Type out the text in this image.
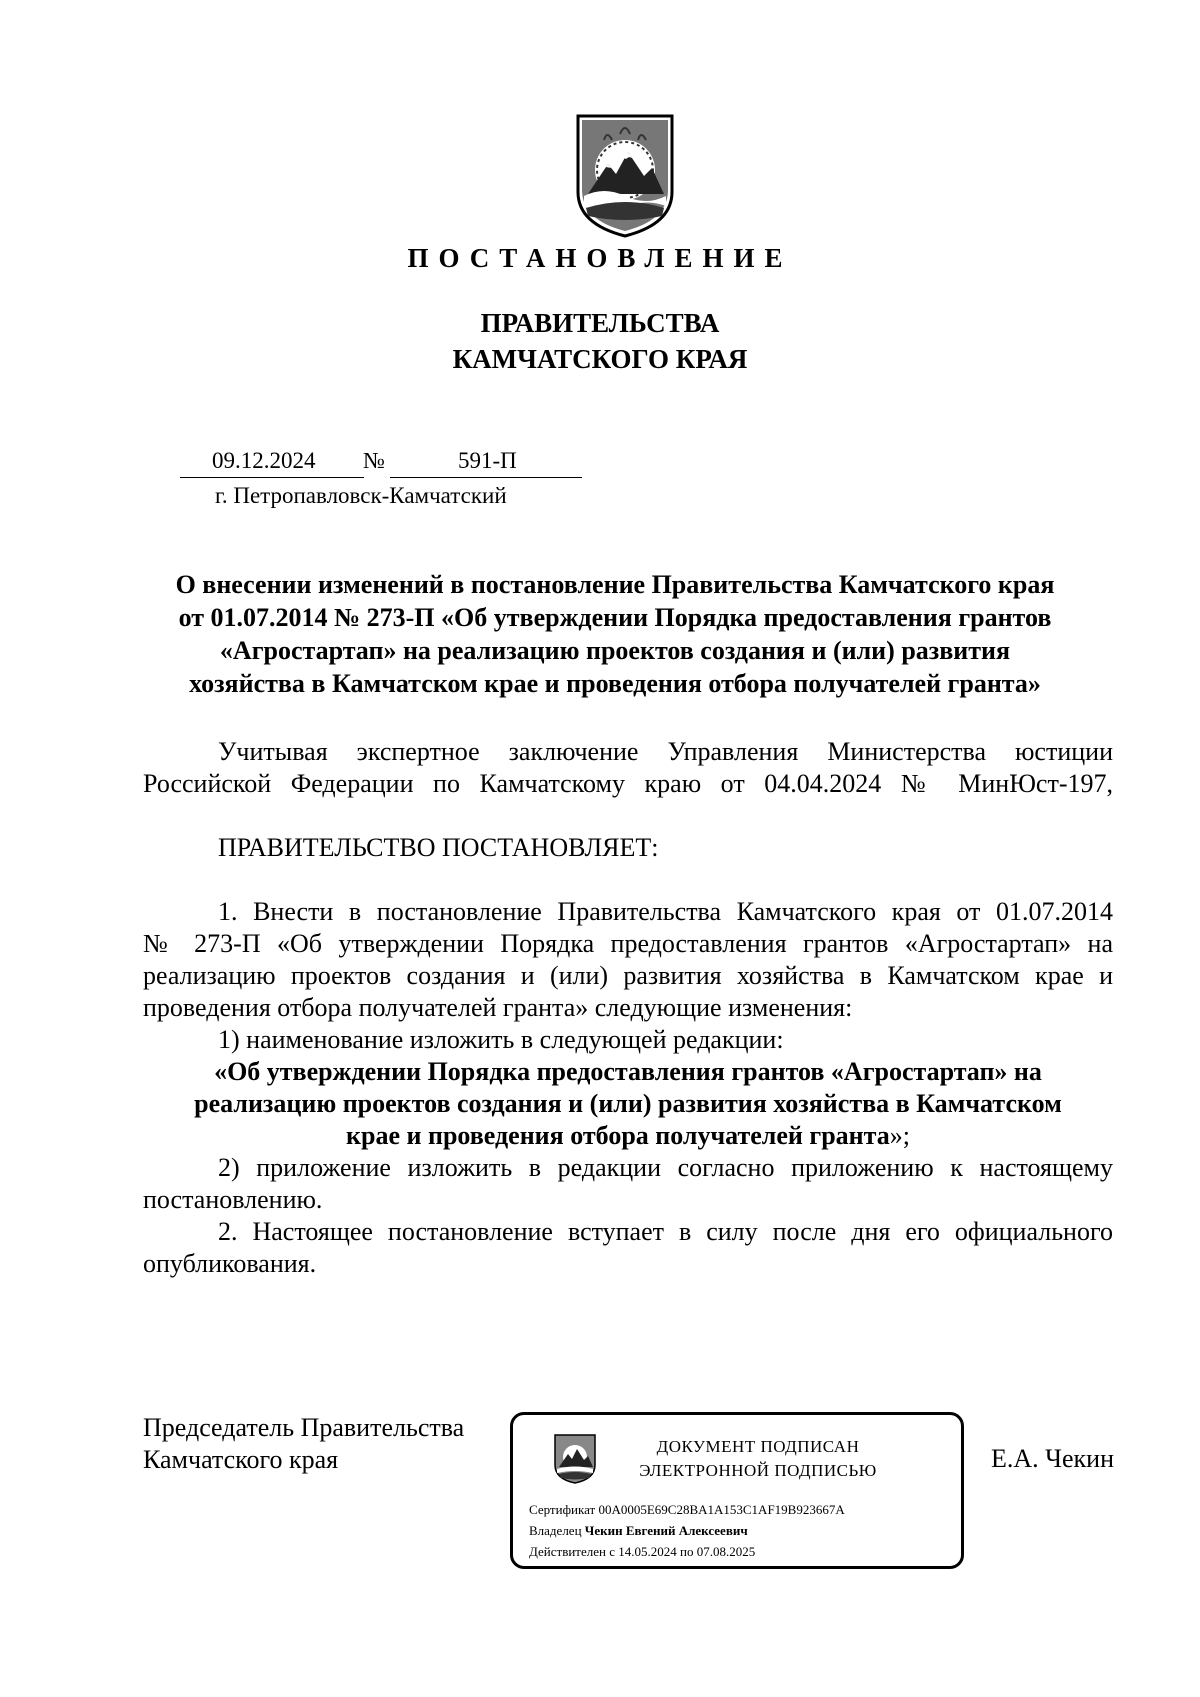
ПОСТАНОВЛЕНИЕ
ПРАВИТЕЛЬСТВА
КАМЧАТСКОГО КРАЯ
09.12.2024 №	591-П
г. Петропавловск-Камчатский
О внесении изменений в постановление Правительства Камчатского края
от 01.07.2014 № 273-П «Об утверждении Порядка предоставления грантов
«Агростартап» на реализацию проектов создания и (или) развития
хозяйства в Камчатском крае и проведения отбора получателей гранта»
Учитывая экспертное заключение Управления Министерства юстиции
Российской Федерации по Камчатскому краю от 04.04.2024 № МинЮст-197,
ПРАВИТЕЛЬСТВО ПОСТАНОВЛЯЕТ:
1. Внести в постановление Правительства Камчатского края от 01.07.2014
№ 273-П «Об утверждении Порядка предоставления грантов «Агростартап» на
реализацию проектов создания и (или) развития хозяйства в Камчатском крае и
проведения отбора получателей гранта» следующие изменения:
1) наименование изложить в следующей редакции:
«Об утверждении Порядка предоставления грантов «Агростартап» на
реализацию проектов создания и (или) развития хозяйства в Камчатском
крае и проведения отбора получателей гранта»;
2) приложение изложить в редакции согласно приложению к настоящему
постановлению.
2. Настоящее постановление вступает в силу после дня его официального
опубликования.
Председатель Правительства
Камчатского края	ДОКУМЕНТ ПОДПИСАН
ЭЛЕКТРОННОЙ ПОДПИСЬЮ
Сертификат 00A0005E69C28BA1A153C1AF19B923667A
Владелец Чекин Евгений Алексеевич
Действителен с 14.05.2024 по 07.08.2025
Е.А. Чекин
